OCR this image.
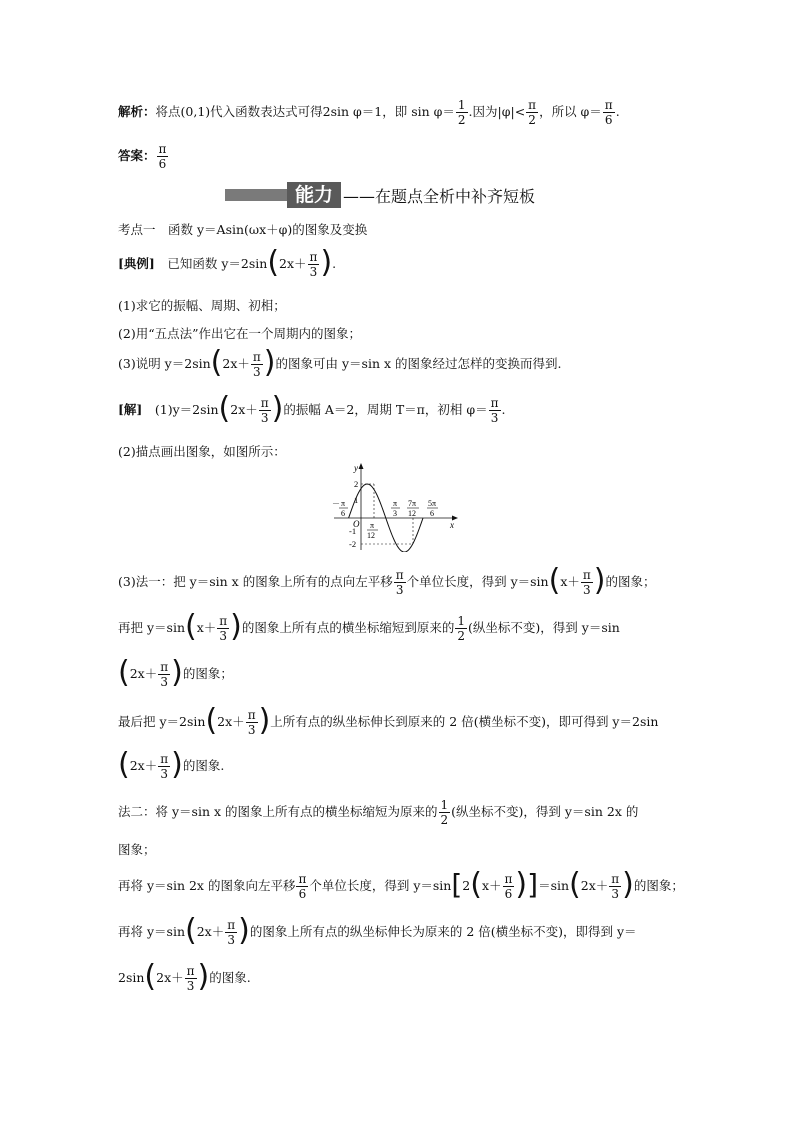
解析：将点(0,1)代入函数表达式可得2sin φ＝1，即 $\sin \varphi= \frac{1}{2}$ .因为$|\varphi|< \frac{\pi}{2}$ ，所以 $\varphi= \frac{\pi}{6}$ .
答案： $\frac{\pi}{6}$
能力 ——在题点全析中补齐短板
考点一　函数 y＝Asin(ωx＋φ)的图象及变换
[典例]　 已知函数 $y=2\sin(2x+ \frac{\pi}{3}$ ).
(1)求它的振幅、周期、初相；
(2)用“五点法”作出它在一个周期内的图象；
(3)说明 $y=2\sin(2x+ \frac{\pi}{3}$ )的图象可由 y＝sin x 的图象经过怎样的变换而得到.
[解]　 $(1)y=2\sin(2x+ \frac{\pi}{3}$ )的振幅 A＝2，周期 T＝π，初相 $\varphi= \frac{\pi}{3}$ .
(2)描点画出图象，如图所示：
y
x
O
2
1
-1
-2
－ π
6
π
12
π
3
7π
12
5π
6
(3)法一：把 y＝sin x 的图象上所有的点向左平移 $\frac{\pi}{3}$ 个单位长度，得到 $y=\sin(x+ \frac{\pi}{3}$ )的图象；
再把 $y=\sin(x+ \frac{\pi}{3}$ )的图象上所有点的横坐标缩短到原来的 $\frac{1}{2}$ (纵坐标不变)，得到 y＝sin
($2x+ \frac{\pi}{3}$ )的图象；
最后把 $y=2\sin(2x+ \frac{\pi}{3}$ )上所有点的纵坐标伸长到原来的 2 倍(横坐标不变)，即可得到 y＝2sin
($2x+ \frac{\pi}{3}$ )的图象.
法二：将 y＝sin x 的图象上所有点的横坐标缩短为原来的 $\frac{1}{2}$ (纵坐标不变)，得到 y＝sin 2x 的
图象；
再将 y＝sin 2x 的图象向左平移 $\frac{\pi}{6}$ 个单位长度，得到 $y=\sin[2(x+ \frac{\pi}{6} )]=\sin(2x+ \frac{\pi}{3}$ )的图象；
再将 $y=\sin(2x+ \frac{\pi}{3}$ )的图象上所有点的纵坐标伸长为原来的 2 倍(横坐标不变)，即得到 y＝
$2\sin(2x+ \frac{\pi}{3}$ )的图象.
